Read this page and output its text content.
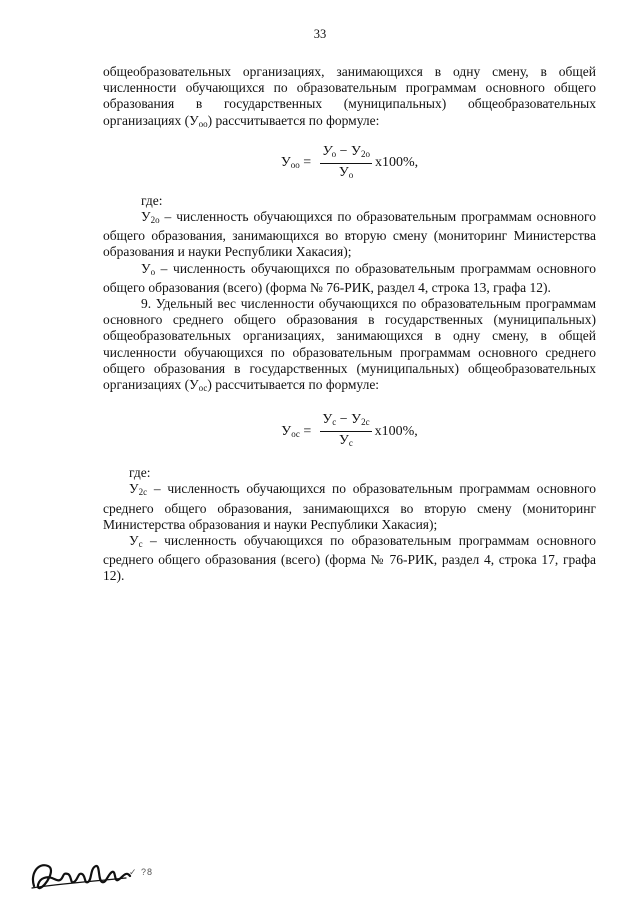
33

общеобразовательных организациях, занимающихся в одну смену, в общей численности обучающихся по образовательным программам основного общего образования в государственных (муниципальных) общеобразовательных организациях $(У_{оо})$ рассчитывается по формуле:

$У_{оо} = \frac{У_о - У_{2о}}{У_о} х100\%$,
где:

$У_{2о}$ – численность обучающихся по образовательным программам основного общего образования, занимающихся во вторую смену (мониторинг Министерства образования и науки Республики Хакасия);

$У_о$ – численность обучающихся по образовательным программам основного общего образования (всего) (форма № 76-РИК, раздел 4, строка 13, графа 12).

9. Удельный вес численности обучающихся по образовательным программам основного среднего общего образования в государственных (муниципальных) общеобразовательных организациях, занимающихся в одну смену, в общей численности обучающихся по образовательным программам основного среднего общего образования в государственных (муниципальных) общеобразовательных организациях $(У_{ос})$ рассчитывается по формуле:

$У_{ос} = \frac{У_с - У_{2с}}{У_с} х100\%$,
где:

$У_{2с}$ – численность обучающихся по образовательным программам основного среднего общего образования, занимающихся во вторую смену (мониторинг Министерства образования и науки Республики Хакасия);

$У_с$ – численность обучающихся по образовательным программам основного среднего общего образования (всего) (форма № 76-РИК, раздел 4, строка 17, графа 12).

✓ ?8
